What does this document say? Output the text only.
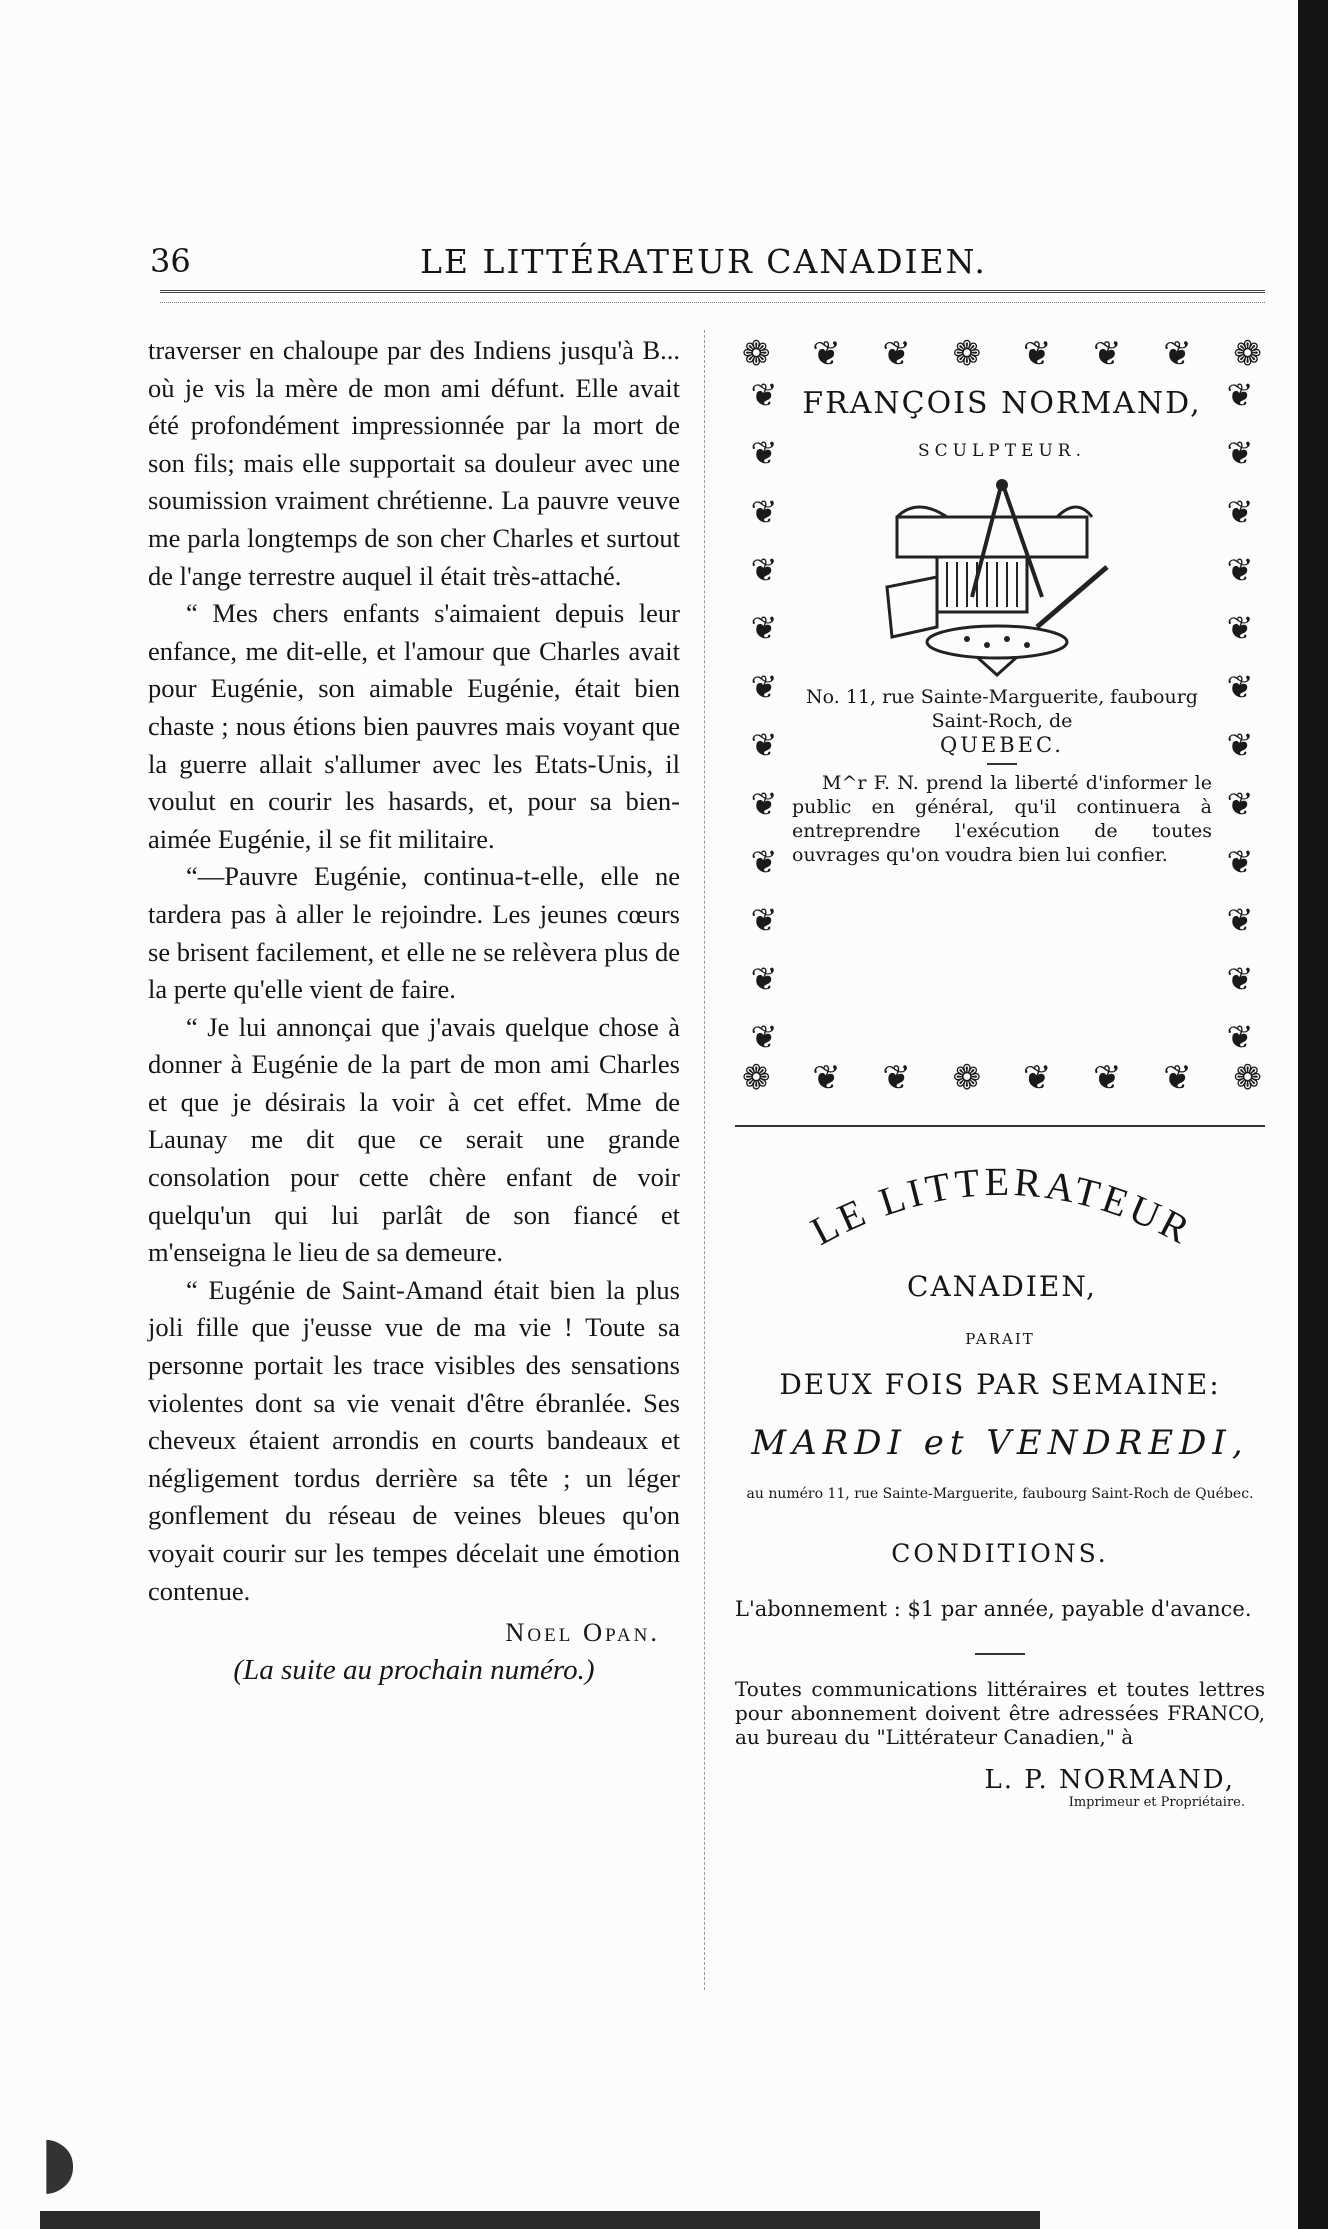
◗
36	LE LITTÉRATEUR CANADIEN.

traverser en chaloupe par des Indiens jusqu'à B... où je vis la mère de mon ami défunt. Elle avait été profondément impressionnée par la mort de son fils; mais elle supportait sa douleur avec une soumission vraiment chrétienne. La pauvre veuve me parla longtemps de son cher Charles et surtout de l'ange terrestre auquel il était très-attaché.

“ Mes chers enfants s'aimaient depuis leur enfance, me dit-elle, et l'amour que Charles avait pour Eugénie, son aimable Eugénie, était bien chaste ; nous étions bien pauvres mais voyant que la guerre allait s'allumer avec les Etats-Unis, il voulut en courir les hasards, et, pour sa bien-aimée Eugénie, il se fit militaire.

“—Pauvre Eugénie, continua-t-elle, elle ne tardera pas à aller le rejoindre. Les jeunes cœurs se brisent facilement, et elle ne se relèvera plus de la perte qu'elle vient de faire.

“ Je lui annonçai que j'avais quelque chose à donner à Eugénie de la part de mon ami Charles et que je désirais la voir à cet effet. Mme de Launay me dit que ce serait une grande consolation pour cette chère enfant de voir quelqu'un qui lui parlât de son fiancé et m'enseigna le lieu de sa demeure.

“ Eugénie de Saint-Amand était bien la plus joli fille que j'eusse vue de ma vie ! Toute sa personne portait les trace visibles des sensations violentes dont sa vie venait d'être ébranlée. Ses cheveux étaient arrondis en courts bandeaux et négligement tordus derrière sa tête ; un léger gonflement du réseau de veines bleues qu'on voyait courir sur les tempes décelait une émotion contenue.

Noel Opan.
(La suite au prochain numéro.)
❁ ❦ ❦ ❁ ❦ ❦ ❦ ❁
❦
❦
❦
❦
❦
❦
❦
❦
❦
❦
❦
❦
❦
❦
❦
❦
❦
❦
❦
❦
❦
❦
❦
❦
❁ ❦ ❦ ❁ ❦ ❦ ❦ ❁
FRANÇOIS NORMAND,
SCULPTEUR.
No. 11, rue Sainte-Marguerite, faubourg Saint-Roch, de
QUEBEC.
M^r F. N. prend la liberté d'informer le public en général, qu'il continuera à entreprendre l'exécution de toutes ouvrages qu'on voudra bien lui confier.
LE LITTERATEUR
CANADIEN,
PARAIT
DEUX FOIS PAR SEMAINE:
MARDI et VENDREDI,
au numéro 11, rue Sainte-Marguerite, faubourg Saint-Roch de Québec.
CONDITIONS.
L'abonnement : $1 par année, payable d'avance.
Toutes communications littéraires et toutes lettres pour abonnement doivent être adressées FRANCO, au bureau du "Littérateur Canadien," à
L. P. NORMAND,
Imprimeur et Propriétaire.
